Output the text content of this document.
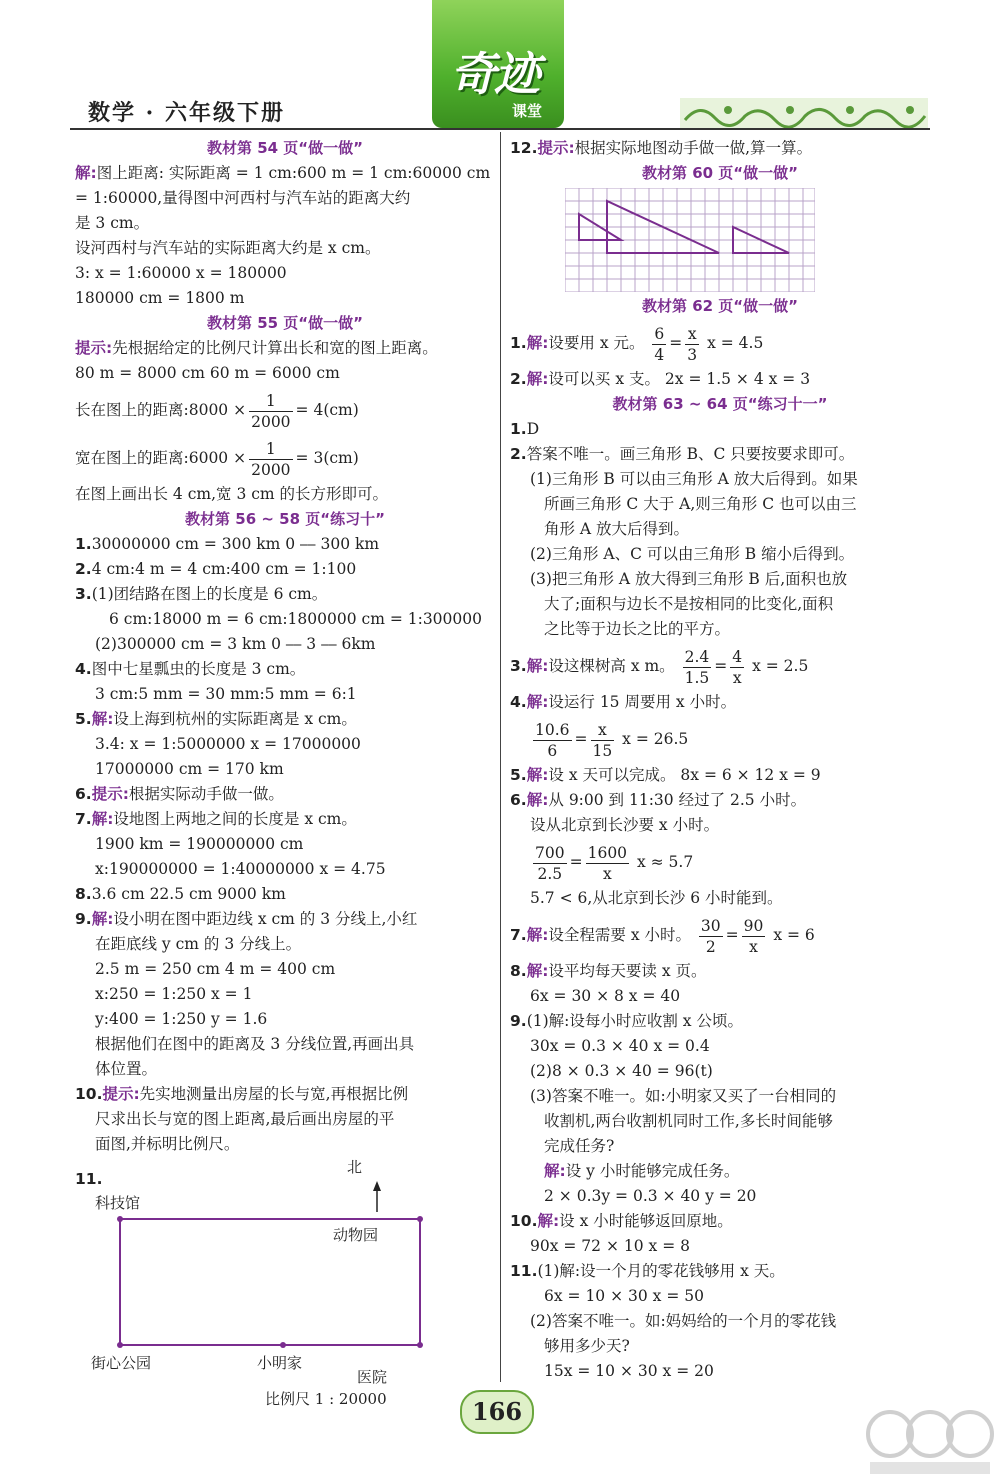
数学 · 六年级下册
奇迹
课堂
教材第 54 页“做一做”
解:图上距离: 实际距离 = 1 cm:600 m = 1 cm:60000 cm
= 1:60000,量得图中河西村与汽车站的距离大约
是 3 cm。
设河西村与汽车站的实际距离大约是 x cm。
3: x = 1:60000 x = 180000
180000 cm = 1800 m
教材第 55 页“做一做”
提示:先根据给定的比例尺计算出长和宽的图上距离。
80 m = 8000 cm 60 m = 6000 cm
长在图上的距离:8000 × $\frac{1}{2000} = 4(cm)$
宽在图上的距离:6000 × $\frac{1}{2000} = 3(cm)$
在图上画出长 4 cm,宽 3 cm 的长方形即可。
教材第 56 ~ 58 页“练习十”
1.30000000 cm = 300 km 0 ⎯⎯ 300 km
2.4 cm:4 m = 4 cm:400 cm = 1:100
3.(1)团结路在图上的长度是 6 cm。
6 cm:18000 m = 6 cm:1800000 cm = 1:300000
(2)300000 cm = 3 km 0 ⎯⎯ 3 ⎯⎯ 6km
4.图中七星瓢虫的长度是 3 cm。
3 cm:5 mm = 30 mm:5 mm = 6:1
5.解:设上海到杭州的实际距离是 x cm。
3.4: x = 1:5000000 x = 17000000
17000000 cm = 170 km
6.提示:根据实际动手做一做。
7.解:设地图上两地之间的长度是 x cm。
1900 km = 190000000 cm
x:190000000 = 1:40000000 x = 4.75
8.3.6 cm 22.5 cm 9000 km
9.解:设小明在图中距边线 x cm 的 3 分线上,小红
在距底线 y cm 的 3 分线上。
2.5 m = 250 cm 4 m = 400 cm
x:250 = 1:250 x = 1
y:400 = 1:250 y = 1.6
根据他们在图中的距离及 3 分线位置,再画出具
体位置。
10.提示:先实地测量出房屋的长与宽,再根据比例
尺求出长与宽的图上距离,最后画出房屋的平
面图,并标明比例尺。
11.
北
科技馆
动物园
街心公园	小明家
医院
比例尺 1 : 20000
12.提示:根据实际地图动手做一做,算一算。
教材第 60 页“做一做”
教材第 62 页“做一做”
1.解:设要用 x 元。 $\frac{6}{4} = \frac{x}{3}$ x = 4.5
2.解:设可以买 x 支。 2x = 1.5 × 4 x = 3
教材第 63 ~ 64 页“练习十一”
1.D
2.答案不唯一。画三角形 B、C 只要按要求即可。
(1)三角形 B 可以由三角形 A 放大后得到。如果
所画三角形 C 大于 A,则三角形 C 也可以由三
角形 A 放大后得到。
(2)三角形 A、C 可以由三角形 B 缩小后得到。
(3)把三角形 A 放大得到三角形 B 后,面积也放
大了;面积与边长不是按相同的比变化,面积
之比等于边长之比的平方。
3.解:设这棵树高 x m。 $\frac{2.4}{1.5} = \frac{4}{x}$ x = 2.5
4.解:设运行 15 周要用 x 小时。
$\frac{10.6}{6} = \frac{x}{15}$ x = 26.5
5.解:设 x 天可以完成。 8x = 6 × 12 x = 9
6.解:从 9:00 到 11:30 经过了 2.5 小时。
设从北京到长沙要 x 小时。
$\frac{700}{2.5} = \frac{1600}{x}$ x ≈ 5.7
5.7 < 6,从北京到长沙 6 小时能到。
7.解:设全程需要 x 小时。 $\frac{30}{2} = \frac{90}{x}$ x = 6
8.解:设平均每天要读 x 页。
6x = 30 × 8 x = 40
9.(1)解:设每小时应收割 x 公顷。
30x = 0.3 × 40 x = 0.4
(2)8 × 0.3 × 40 = 96(t)
(3)答案不唯一。如:小明家又买了一台相同的
收割机,两台收割机同时工作,多长时间能够
完成任务?
解:设 y 小时能够完成任务。
2 × 0.3y = 0.3 × 40 y = 20
10.解:设 x 小时能够返回原地。
90x = 72 × 10 x = 8
11.(1)解:设一个月的零花钱够用 x 天。
6x = 10 × 30 x = 50
(2)答案不唯一。如:妈妈给的一个月的零花钱
够用多少天?
15x = 10 × 30 x = 20
166
